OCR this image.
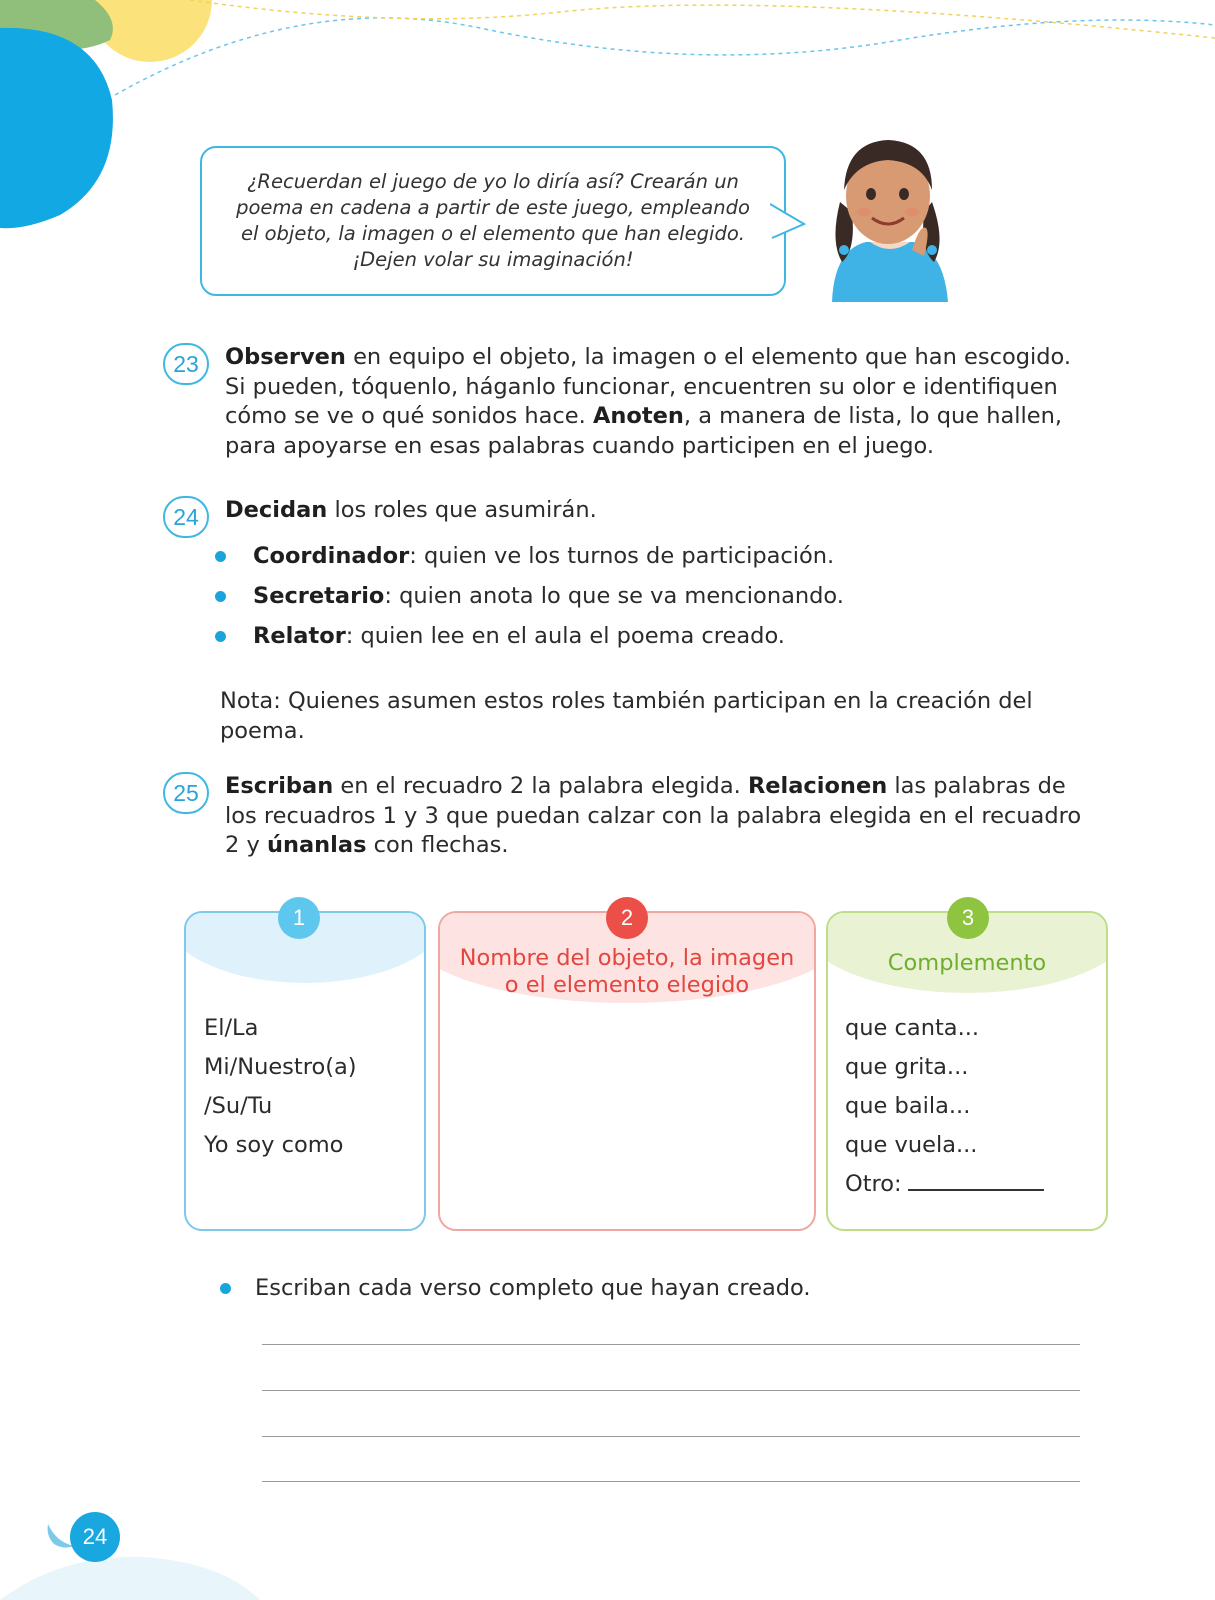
¿Recuerdan el juego de yo lo diría así? Crearán un
poema en cadena a partir de este juego, empleando
el objeto, la imagen o el elemento que han elegido.
¡Dejen volar su imaginación!
23	Observen en equipo el objeto, la imagen o el elemento que han escogido. Si pueden, tóquenlo, háganlo funcionar, encuentren su olor e identifiquen cómo se ve o qué sonidos hace. Anoten, a manera de lista, lo que hallen, para apoyarse en esas palabras cuando participen en el juego.
24	Decidan los roles que asumirán.
Coordinador: quien ve los turnos de participación.
Secretario: quien anota lo que se va mencionando.
Relator: quien lee en el aula el poema creado.
Nota: Quienes asumen estos roles también participan en la creación del poema.
25	Escriban en el recuadro 2 la palabra elegida. Relacionen las palabras de los recuadros 1 y 3 que puedan calzar con la palabra elegida en el recuadro 2 y únanlas con flechas.
1	2	3
Nombre del objeto, la imagen
o el elemento elegido
Complemento
El/La
Mi/Nuestro(a)
/Su/Tu
Yo soy como
que canta...
que grita...
que baila...
que vuela...
Otro:
Escriban cada verso completo que hayan creado.
24
